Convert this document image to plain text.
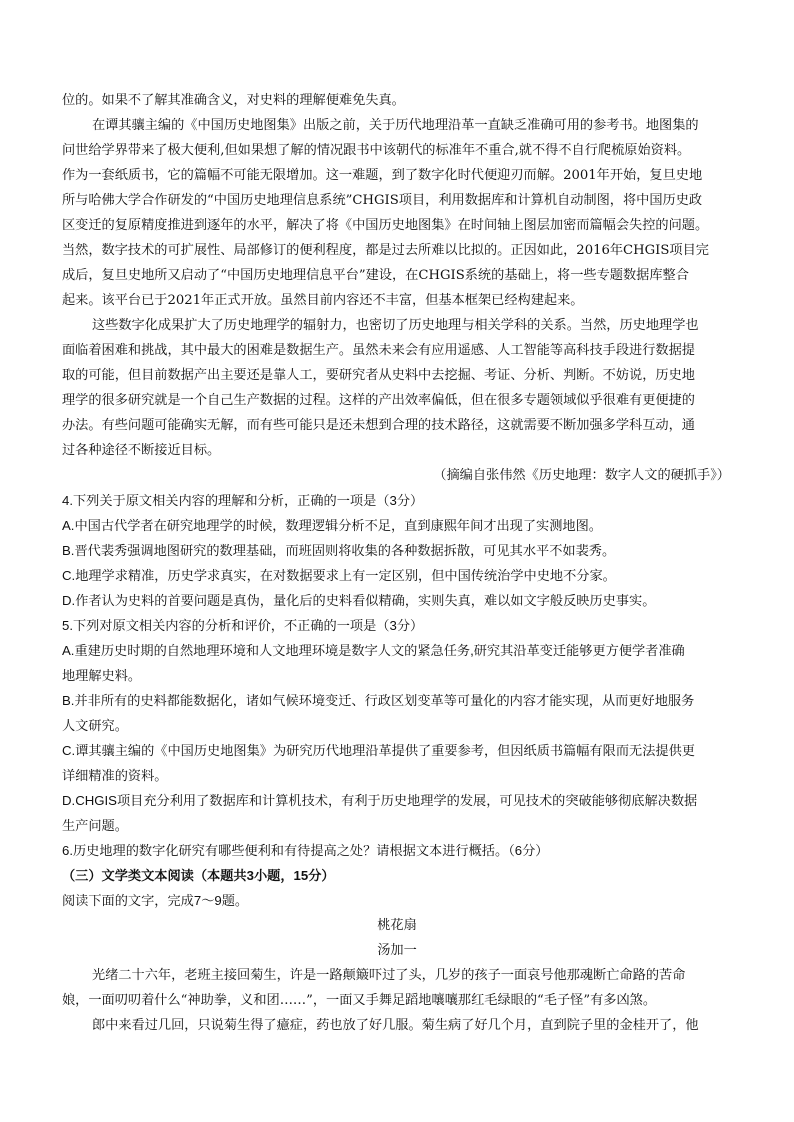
位的。如果不了解其准确含义，对史料的理解便难免失真。
在谭其骧主编的《中国历史地图集》出版之前，关于历代地理沿革一直缺乏准确可用的参考书。地图集的
问世给学界带来了极大便利,但如果想了解的情况跟书中该朝代的标准年不重合,就不得不自行爬梳原始资料。
作为一套纸质书，它的篇幅不可能无限增加。这一难题，到了数字化时代便迎刃而解。2001年开始，复旦史地
所与哈佛大学合作研发的“中国历史地理信息系统”CHGIS项目，利用数据库和计算机自动制图，将中国历史政
区变迁的复原精度推进到逐年的水平，解决了将《中国历史地图集》在时间轴上图层加密而篇幅会失控的问题。
当然，数字技术的可扩展性、局部修订的便利程度，都是过去所难以比拟的。正因如此，2016年CHGIS项目完
成后，复旦史地所又启动了“中国历史地理信息平台”建设，在CHGIS系统的基础上，将一些专题数据库整合
起来。该平台已于2021年正式开放。虽然目前内容还不丰富，但基本框架已经构建起来。
这些数字化成果扩大了历史地理学的辐射力，也密切了历史地理与相关学科的关系。当然，历史地理学也
面临着困难和挑战，其中最大的困难是数据生产。虽然未来会有应用遥感、人工智能等高科技手段进行数据提
取的可能，但目前数据产出主要还是靠人工，要研究者从史料中去挖掘、考证、分析、判断。不妨说，历史地
理学的很多研究就是一个自己生产数据的过程。这样的产出效率偏低，但在很多专题领域似乎很难有更便捷的
办法。有些问题可能确实无解，而有些可能只是还未想到合理的技术路径，这就需要不断加强多学科互动，通
过各种途径不断接近目标。
（摘编自张伟然《历史地理：数字人文的硬抓手》）
4.下列关于原文相关内容的理解和分析，正确的一项是（3分）
A.中国古代学者在研究地理学的时候，数理逻辑分析不足，直到康熙年间才出现了实测地图。
B.晋代裴秀强调地图研究的数理基础，而班固则将收集的各种数据拆散，可见其水平不如裴秀。
C.地理学求精准，历史学求真实，在对数据要求上有一定区别，但中国传统治学中史地不分家。
D.作者认为史料的首要问题是真伪，量化后的史料看似精确，实则失真，难以如文字般反映历史事实。
5.下列对原文相关内容的分析和评价，不正确的一项是（3分）
A.重建历史时期的自然地理环境和人文地理环境是数字人文的紧急任务,研究其沿革变迁能够更方便学者准确
地理解史料。
B.并非所有的史料都能数据化，诸如气候环境变迁、行政区划变革等可量化的内容才能实现，从而更好地服务
人文研究。
C.谭其骧主编的《中国历史地图集》为研究历代地理沿革提供了重要参考，但因纸质书篇幅有限而无法提供更
详细精准的资料。
D.CHGIS项目充分利用了数据库和计算机技术，有利于历史地理学的发展，可见技术的突破能够彻底解决数据
生产问题。
6.历史地理的数字化研究有哪些便利和有待提高之处？请根据文本进行概括。（6分）
（三）文学类文本阅读（本题共3小题，15分）
阅读下面的文字，完成7～9题。
桃花扇
汤加一
光绪二十六年，老班主接回菊生，许是一路颠簸吓过了头，几岁的孩子一面哀号他那魂断亡命路的苦命
娘，一面叨叨着什么“神助拳，义和团……”，一面又手舞足蹈地嚷嚷那红毛绿眼的“毛子怪”有多凶煞。
郎中来看过几回，只说菊生得了癔症，药也放了好几服。菊生病了好几个月，直到院子里的金桂开了，他
